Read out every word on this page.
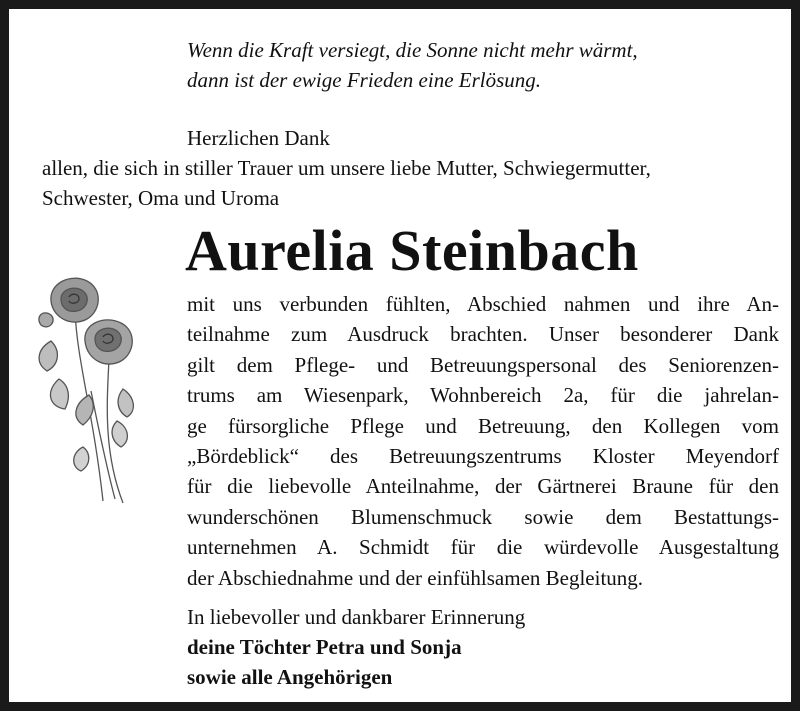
Wenn die Kraft versiegt, die Sonne nicht mehr wärmt,
dann ist der ewige Frieden eine Erlösung.
Herzlichen Dank
allen, die sich in stiller Trauer um unsere liebe Mutter, Schwiegermutter,
Schwester, Oma und Uroma
Aurelia Steinbach
mit uns verbunden fühlten, Abschied nahmen und ihre An-
teilnahme zum Ausdruck brachten. Unser besonderer Dank
gilt dem Pflege- und Betreuungspersonal des Seniorenzen-
trums am Wiesenpark, Wohnbereich 2a, für die jahrelan-
ge fürsorgliche Pflege und Betreuung, den Kollegen vom
„Bördeblick“ des Betreuungszentrums Kloster Meyendorf
für die liebevolle Anteilnahme, der Gärtnerei Braune für den
wunderschönen Blumenschmuck sowie dem Bestattungs-
unternehmen A. Schmidt für die würdevolle Ausgestaltung
der Abschiednahme und der einfühlsamen Begleitung.
In liebevoller und dankbarer Erinnerung
deine Töchter Petra und Sonja
sowie alle Angehörigen
